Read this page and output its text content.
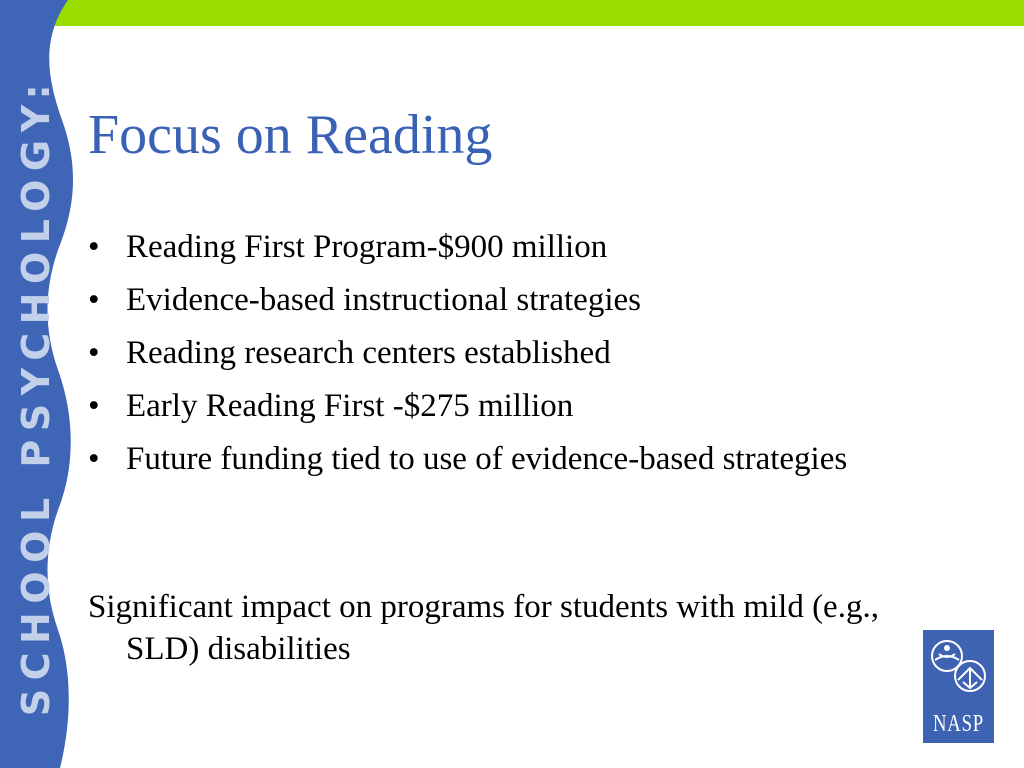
SCHOOL PSYCHOLOGY: Focus on Reading
• Reading First Program-$900 million
• Evidence-based instructional strategies
• Reading research centers established
• Early Reading First -$275 million
• Future funding tied to use of evidence-based strategies

Significant impact on programs for students with mild (e.g., SLD) disabilities

NASP
